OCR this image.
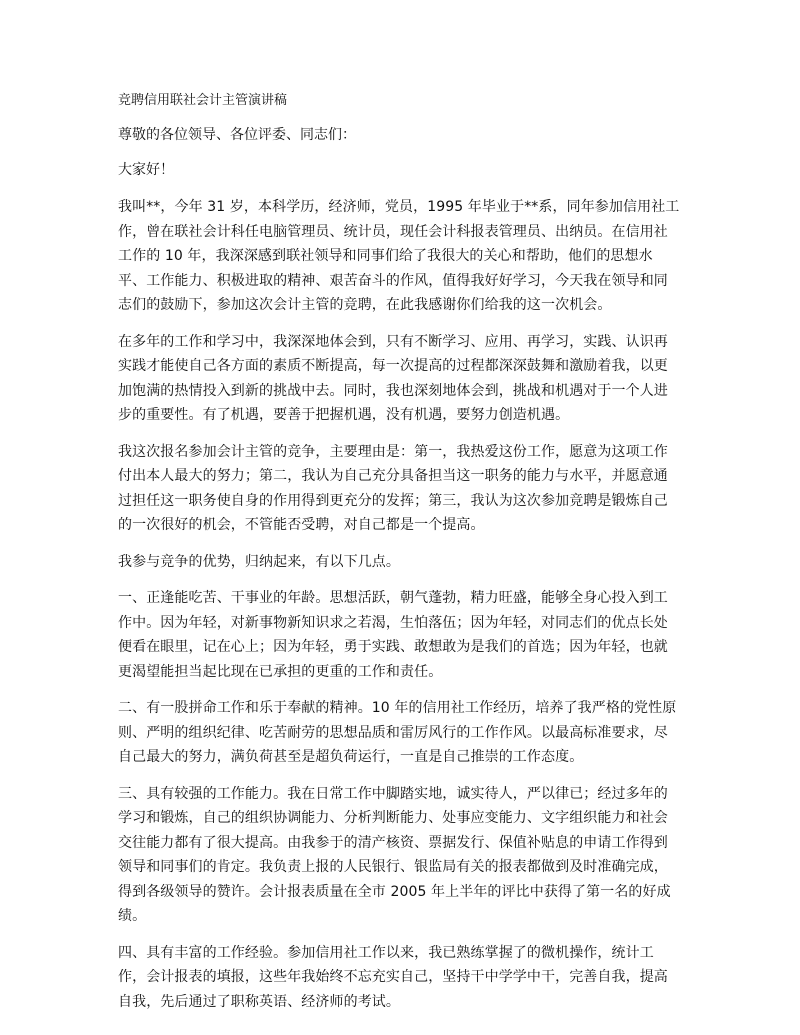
竞聘信用联社会计主管演讲稿
尊敬的各位领导、各位评委、同志们：
大家好！

我叫**，今年 31 岁，本科学历，经济师，党员，1995 年毕业于**系，同年参加信用社工作，曾在联社会计科任电脑管理员、统计员，现任会计科报表管理员、出纳员。在信用社工作的 10 年，我深深感到联社领导和同事们给了我很大的关心和帮助，他们的思想水平、工作能力、积极进取的精神、艰苦奋斗的作风，值得我好好学习，今天我在领导和同志们的鼓励下，参加这次会计主管的竞聘，在此我感谢你们给我的这一次机会。

在多年的工作和学习中，我深深地体会到，只有不断学习、应用、再学习，实践、认识再实践才能使自己各方面的素质不断提高，每一次提高的过程都深深鼓舞和激励着我，以更加饱满的热情投入到新的挑战中去。同时，我也深刻地体会到，挑战和机遇对于一个人进步的重要性。有了机遇，要善于把握机遇，没有机遇，要努力创造机遇。

我这次报名参加会计主管的竞争，主要理由是：第一，我热爱这份工作，愿意为这项工作付出本人最大的努力；第二，我认为自己充分具备担当这一职务的能力与水平，并愿意通过担任这一职务使自身的作用得到更充分的发挥；第三，我认为这次参加竞聘是锻炼自己的一次很好的机会，不管能否受聘，对自己都是一个提高。

我参与竞争的优势，归纳起来，有以下几点。

一、正逢能吃苦、干事业的年龄。思想活跃，朝气蓬勃，精力旺盛，能够全身心投入到工作中。因为年轻，对新事物新知识求之若渴，生怕落伍；因为年轻，对同志们的优点长处便看在眼里，记在心上；因为年轻，勇于实践、敢想敢为是我们的首选；因为年轻，也就更渴望能担当起比现在已承担的更重的工作和责任。

二、有一股拼命工作和乐于奉献的精神。10 年的信用社工作经历，培养了我严格的党性原则、严明的组织纪律、吃苦耐劳的思想品质和雷厉风行的工作作风。以最高标准要求，尽自己最大的努力，满负荷甚至是超负荷运行，一直是自己推崇的工作态度。

三、具有较强的工作能力。我在日常工作中脚踏实地，诚实待人，严以律已；经过多年的学习和锻炼，自己的组织协调能力、分析判断能力、处事应变能力、文字组织能力和社会交往能力都有了很大提高。由我参于的清产核资、票据发行、保值补贴息的申请工作得到领导和同事们的肯定。我负责上报的人民银行、银监局有关的报表都做到及时准确完成，得到各级领导的赞许。会计报表质量在全市 2005 年上半年的评比中获得了第一名的好成绩。

四、具有丰富的工作经验。参加信用社工作以来，我已熟练掌握了的微机操作，统计工作，会计报表的填报，这些年我始终不忘充实自己，坚持干中学学中干，完善自我，提高自我，先后通过了职称英语、经济师的考试。
